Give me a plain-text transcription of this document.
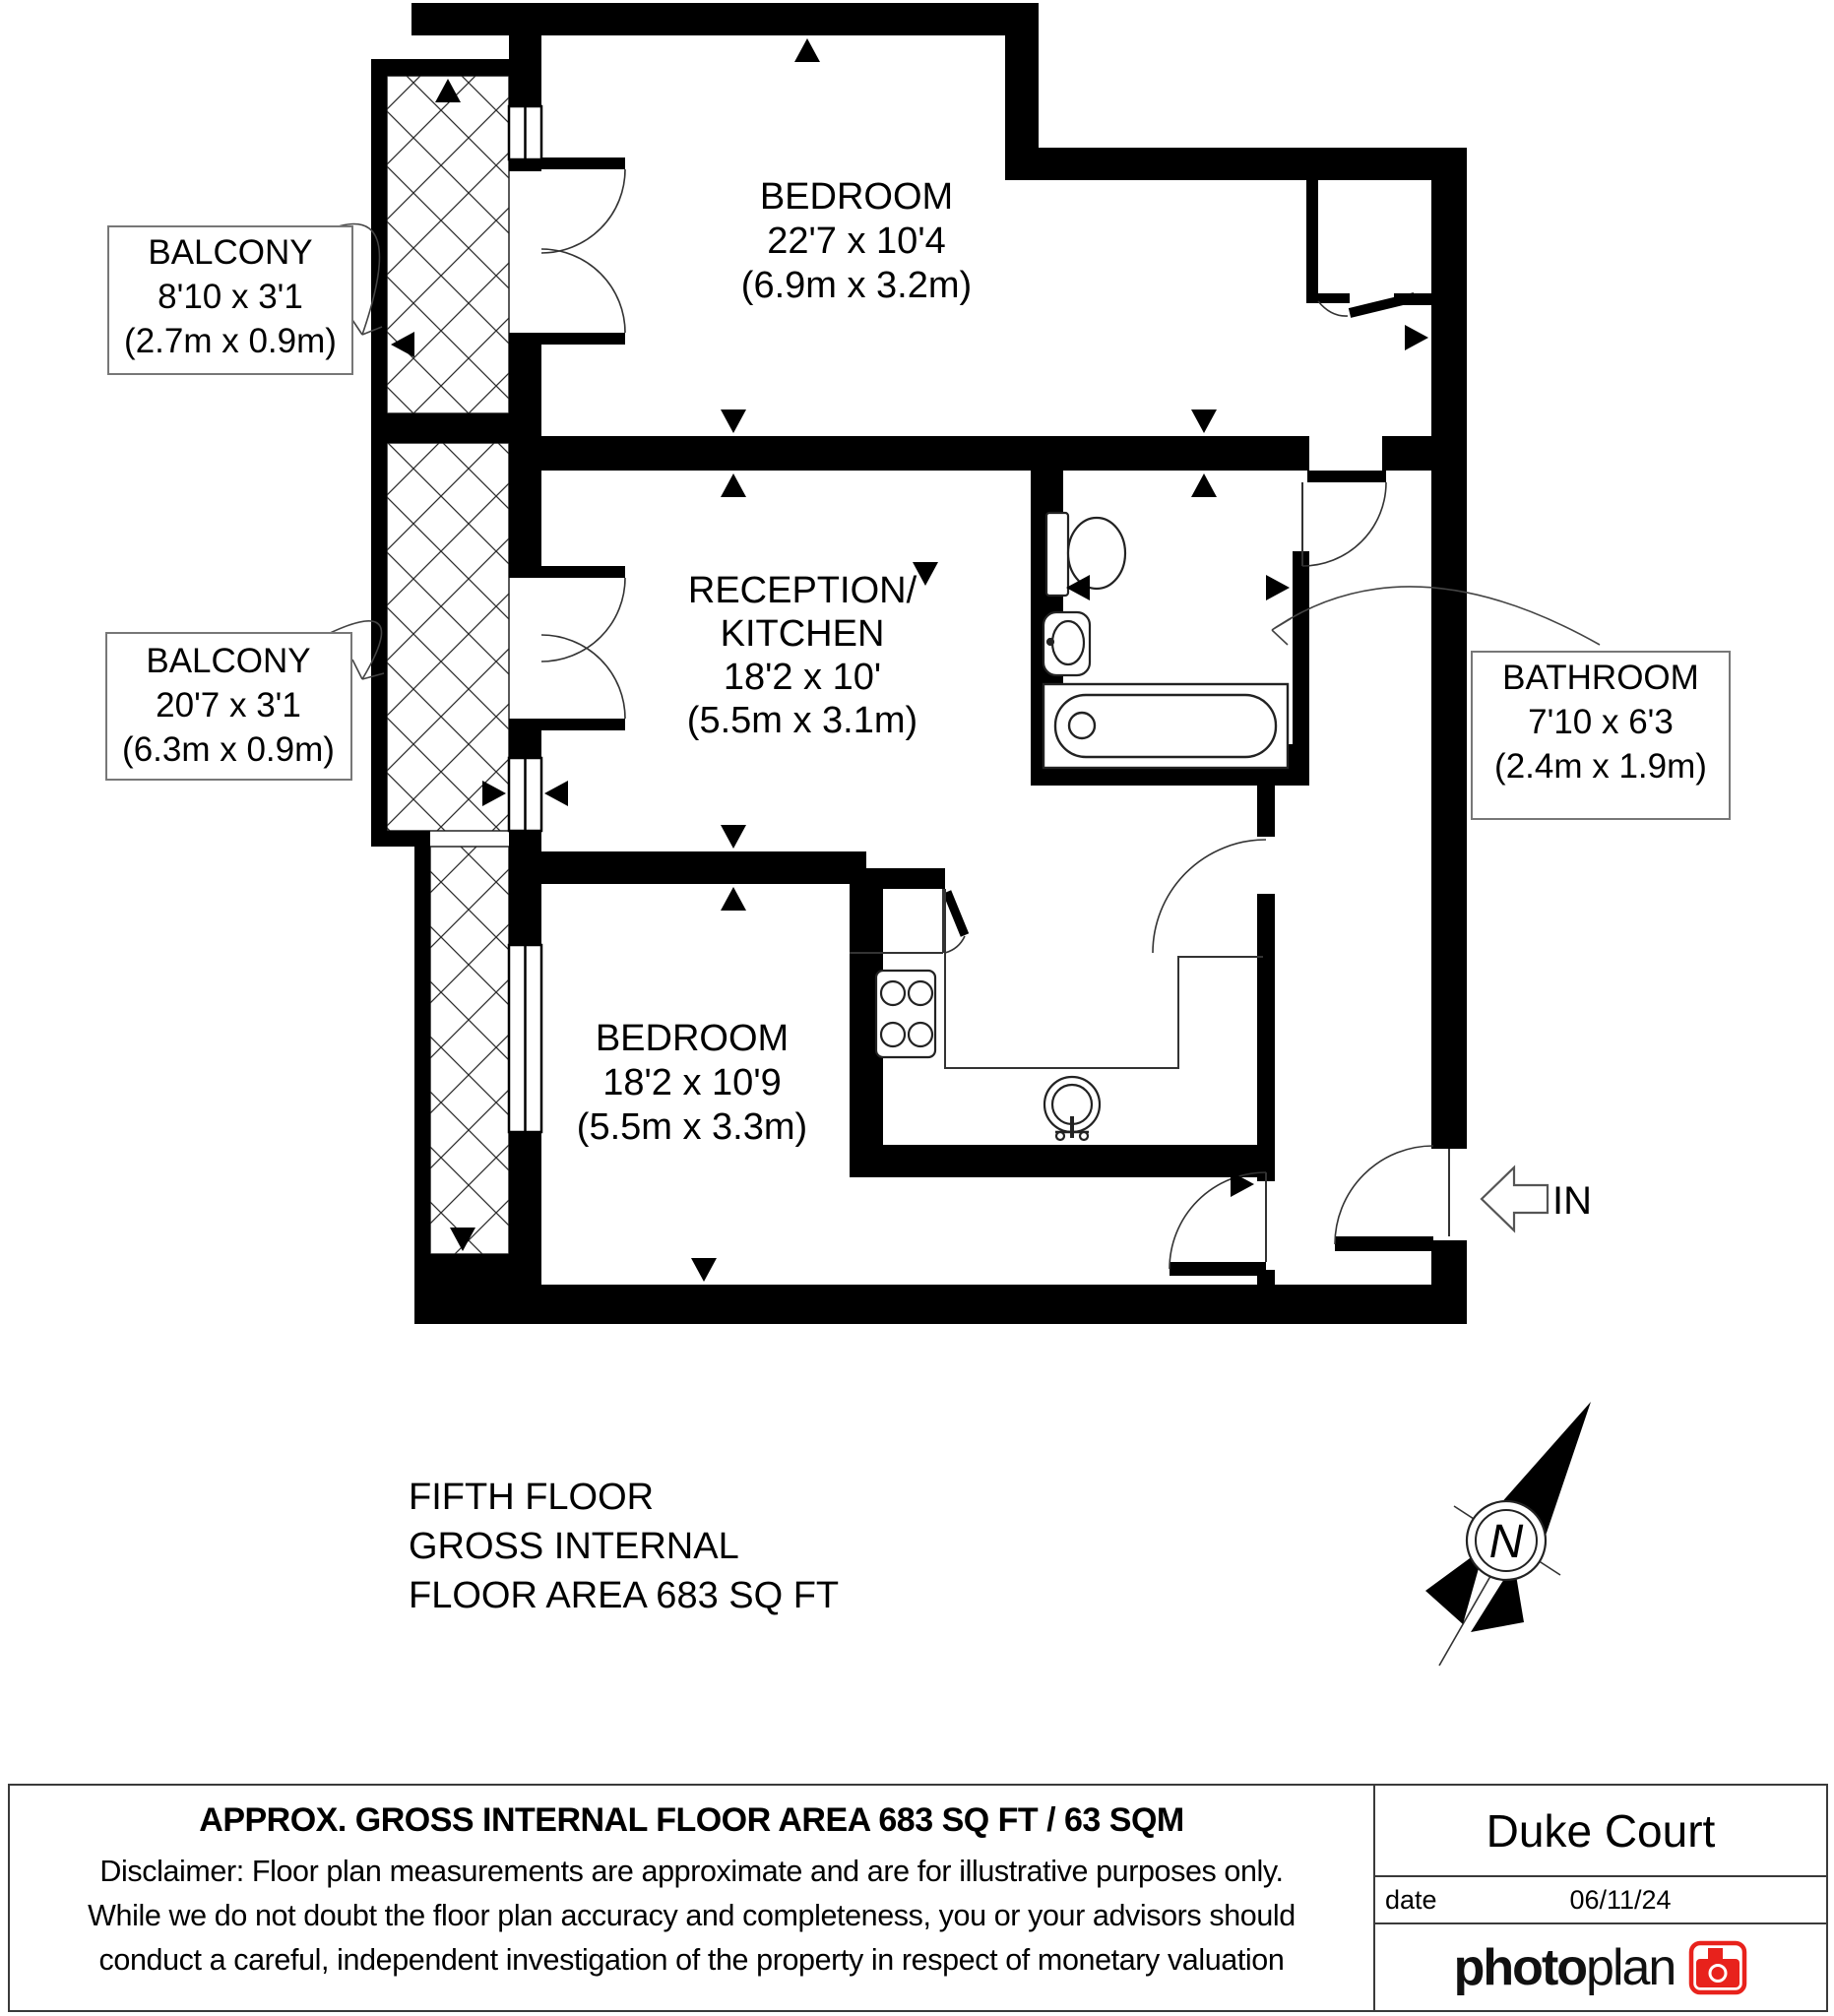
BEDROOM
22'7 x 10'4
(6.9m x 3.2m)
RECEPTION/
KITCHEN
18'2 x 10'
(5.5m x 3.1m)
BEDROOM
18'2 x 10'9
(5.5m x 3.3m)
BALCONY
8'10 x 3'1
(2.7m x 0.9m)
BALCONY
20'7 x 3'1
(6.3m x 0.9m)
BATHROOM
7'10 x 6'3
(2.4m x 1.9m)
IN
FIFTH FLOOR
GROSS INTERNAL
FLOOR AREA 683 SQ FT
N
APPROX. GROSS INTERNAL FLOOR AREA 683 SQ FT / 63 SQM
Disclaimer: Floor plan measurements are approximate and are for illustrative purposes only.
While we do not doubt the floor plan accuracy and completeness, you or your advisors should
conduct a careful, independent investigation of the property in respect of monetary valuation
Duke Court
date	06/11/24
photoplan
